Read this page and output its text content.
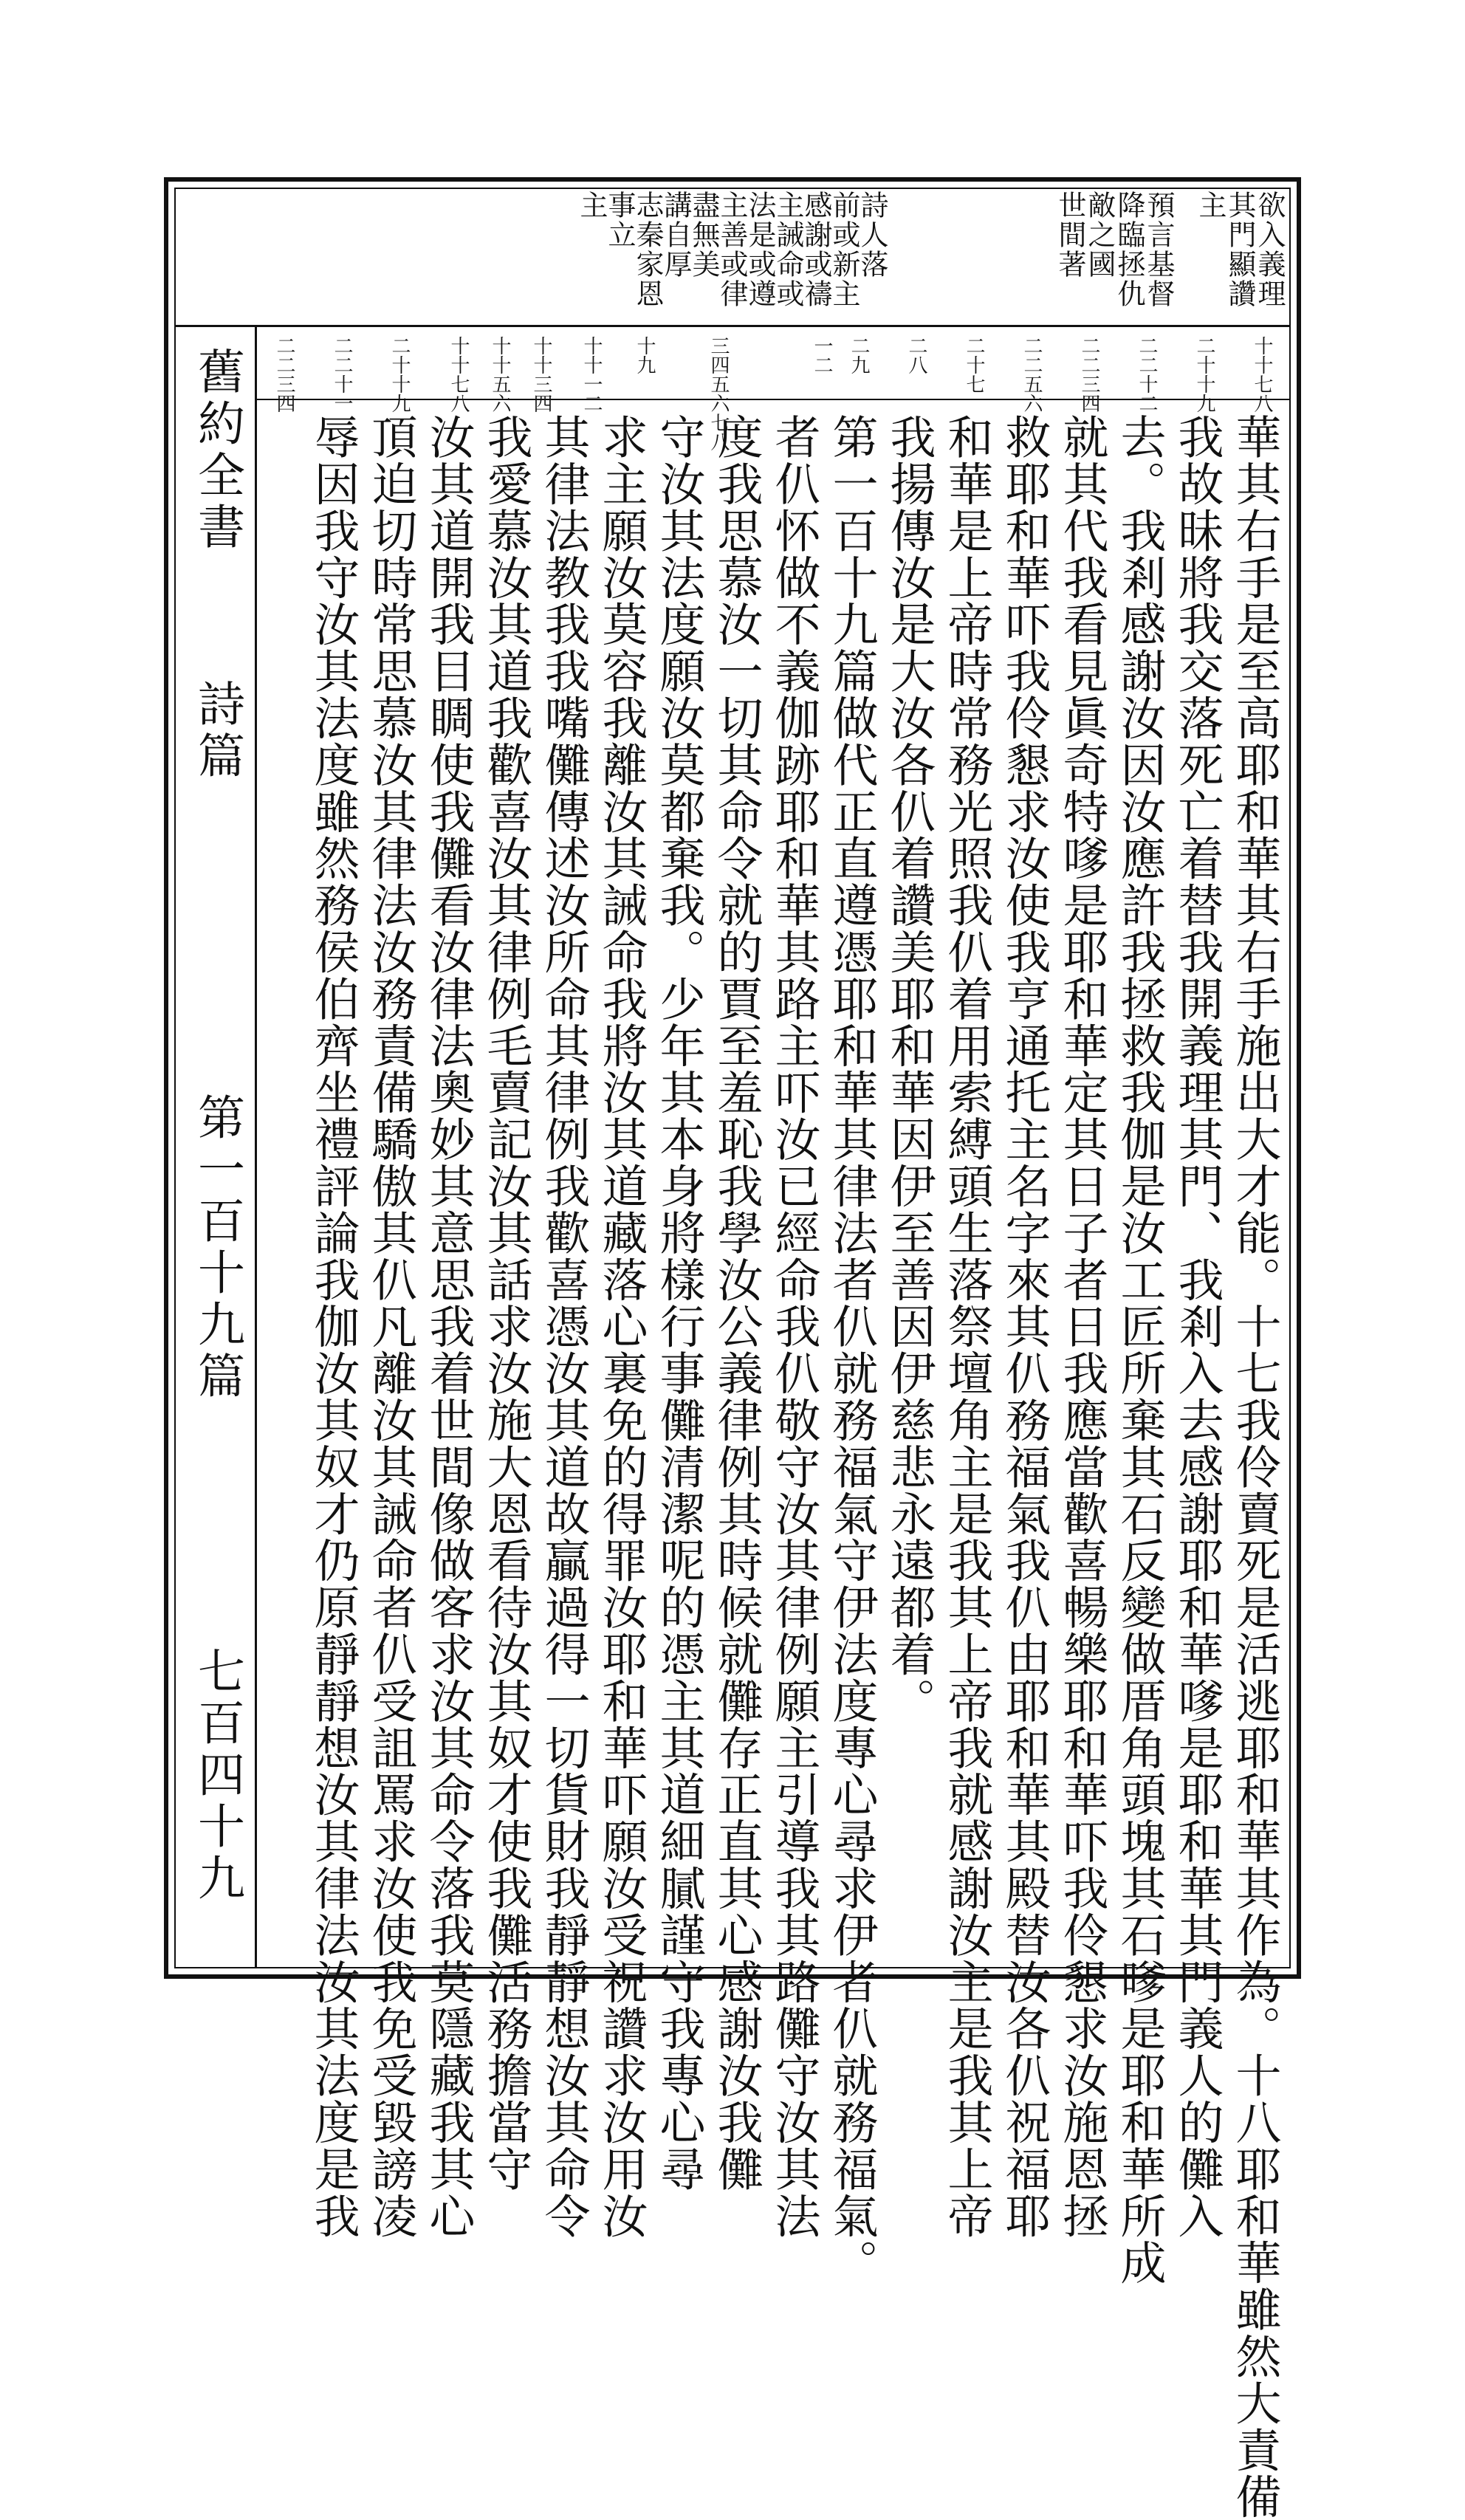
舊約全書
詩篇
第一百十九篇
七百四十九
詩人落
前或新主
感謝或禱
主誡命或
法是或遵
主善或律
盡無美
講自厚
志秦家恩
事立
主	欲入義理
其門顯讚
主
預言基督
降臨拯仇
敵之國
世間著
十十七八
二十十九
二二十二
二二三四
二二五六
二十七
二八
二九
一二
三四五六七八
十九
十十一二
十十三四
十十五六
十十七八
二十十九
二二十一
二二三四
華其右手是至高耶和華其右手施出大才能。十七我伶賣死是活逃耶和華其作為。十八耶和華雖然大責備
我故昧將我交落死亡着替我開義理其門、我剎入去感謝耶和華嗲是耶和華其門義人的儺入
去。我剎感謝汝因汝應許我拯救我伽是汝工匠所棄其石反變做厝角頭塊其石嗲是耶和華所成
就其代我看見眞奇特嗲是耶和華定其日子者日我應當歡喜暢樂耶和華吓我伶懇求汝施恩拯
救耶和華吓我伶懇求汝使我亨通托主名字來其仈務福氣我仈由耶和華其殿替汝各仈祝福耶
和華是上帝時常務光照我仈着用索縛頭生落祭壇角主是我其上帝我就感謝汝主是我其上帝
我揚傳汝是大汝各仈着讚美耶和華因伊至善因伊慈悲永遠都着。
第一百十九篇做代正直遵憑耶和華其律法者仈就務福氣守伊法度專心尋求伊者仈就務福氣。
者仈怀做不義伽跡耶和華其路主吓汝已經命我仈敬守汝其律例願主引導我其路儺守汝其法
度我思慕汝一切其命令就的賈至羞恥我學汝公義律例其時候就儺存正直其心感謝汝我儺
守汝其法度願汝莫都棄我。少年其本身將樣行事儺清潔呢的憑主其道細膩謹守我專心尋
求主願汝莫容我離汝其誡命我將汝其道藏落心裏免的得罪汝耶和華吓願汝受祝讚求汝用汝
其律法教我我嘴儺傳述汝所命其律例我歡喜憑汝其道故贏過得一切貨財我靜靜想汝其命令
我愛慕汝其道我歡喜汝其律例毛賣記汝其話求汝施大恩看待汝其奴才使我儺活務擔當守
汝其道開我目睭使我儺看汝律法奧妙其意思我着世間像做客求汝其命令落我莫隱藏我其心
頂迫切時常思慕汝其律法汝務責備驕傲其仈凡離汝其誡命者仈受詛罵求汝使我免受毀謗凌
辱因我守汝其法度雖然務侯伯齊坐禮評論我伽汝其奴才仍原靜靜想汝其律法汝其法度是我
